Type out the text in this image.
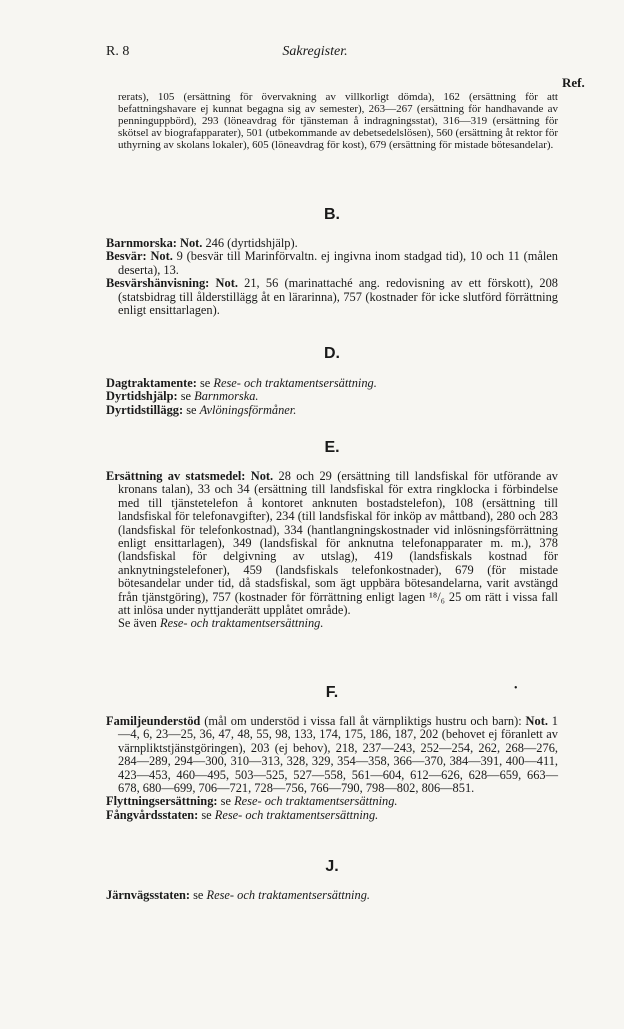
R. 8	Sakregister.
Ref.

rerats), 105 (ersättning för övervakning av villkorligt dömda), 162 (ersättning för att befattningshavare ej kunnat begagna sig av semester), 263—267 (ersättning för handhavande av penninguppbörd), 293 (löneavdrag för tjänsteman å indragningsstat), 316—319 (ersättning för skötsel av biografapparater), 501 (utbekommande av debetsedelslösen), 560 (ersättning åt rektor för uthyrning av skolans lokaler), 605 (löneavdrag för kost), 679 (ersättning för mistade bötesandelar).

B.

Barnmorska: Not. 246 (dyrtidshjälp).

Besvär: Not. 9 (besvär till Marinförvaltn. ej ingivna inom stadgad tid), 10 och 11 (målen deserta), 13.

Besvärshänvisning: Not. 21, 56 (marinattaché ang. redovisning av ett förskott), 208 (statsbidrag till ålderstillägg åt en lärarinna), 757 (kostnader för icke slutförd förrättning enligt ensittarlagen).

D.

Dagtraktamente: se Rese- och traktamentsersättning.

Dyrtidshjälp: se Barnmorska.

Dyrtidstillägg: se Avlöningsförmåner.

E.

Ersättning av statsmedel: Not. 28 och 29 (ersättning till landsfiskal för utförande av kronans talan), 33 och 34 (ersättning till landsfiskal för extra ringklocka i förbindelse med till tjänstetelefon å kontoret anknuten bostadstelefon), 108 (ersättning till landsfiskal för telefonavgifter), 234 (till landsfiskal för inköp av måttband), 280 och 283 (landsfiskal för telefonkostnad), 334 (hantlangningskostnader vid inlösningsförrättning enligt ensittarlagen), 349 (landsfiskal för anknutna telefonapparater m. m.), 378 (landsfiskal för delgivning av utslag), 419 (landsfiskals kostnad för anknytningstelefoner), 459 (landsfiskals telefonkostnader), 679 (för mistade bötesandelar under tid, då stadsfiskal, som ägt uppbära bötesandelarna, varit avstängd från tjänstgöring), 757 (kostnader för förrättning enligt lagen ¹⁸/₆ 25 om rätt i vissa fall att inlösa under nyttjanderätt upplåtet område).

Se även Rese- och traktamentsersättning.

F.	•

Familjeunderstöd (mål om understöd i vissa fall åt värnpliktigs hustru och barn): Not. 1—4, 6, 23—25, 36, 47, 48, 55, 98, 133, 174, 175, 186, 187, 202 (behovet ej föranlett av värnpliktstjänstgöringen), 203 (ej behov), 218, 237—243, 252—254, 262, 268—276, 284—289, 294—300, 310—313, 328, 329, 354—358, 366—370, 384—391, 400—411, 423—453, 460—495, 503—525, 527—558, 561—604, 612—626, 628—659, 663—678, 680—699, 706—721, 728—756, 766—790, 798—802, 806—851.

Flyttningsersättning: se Rese- och traktamentsersättning.

Fångvårdsstaten: se Rese- och traktamentsersättning.

J.

Järnvägsstaten: se Rese- och traktamentsersättning.
